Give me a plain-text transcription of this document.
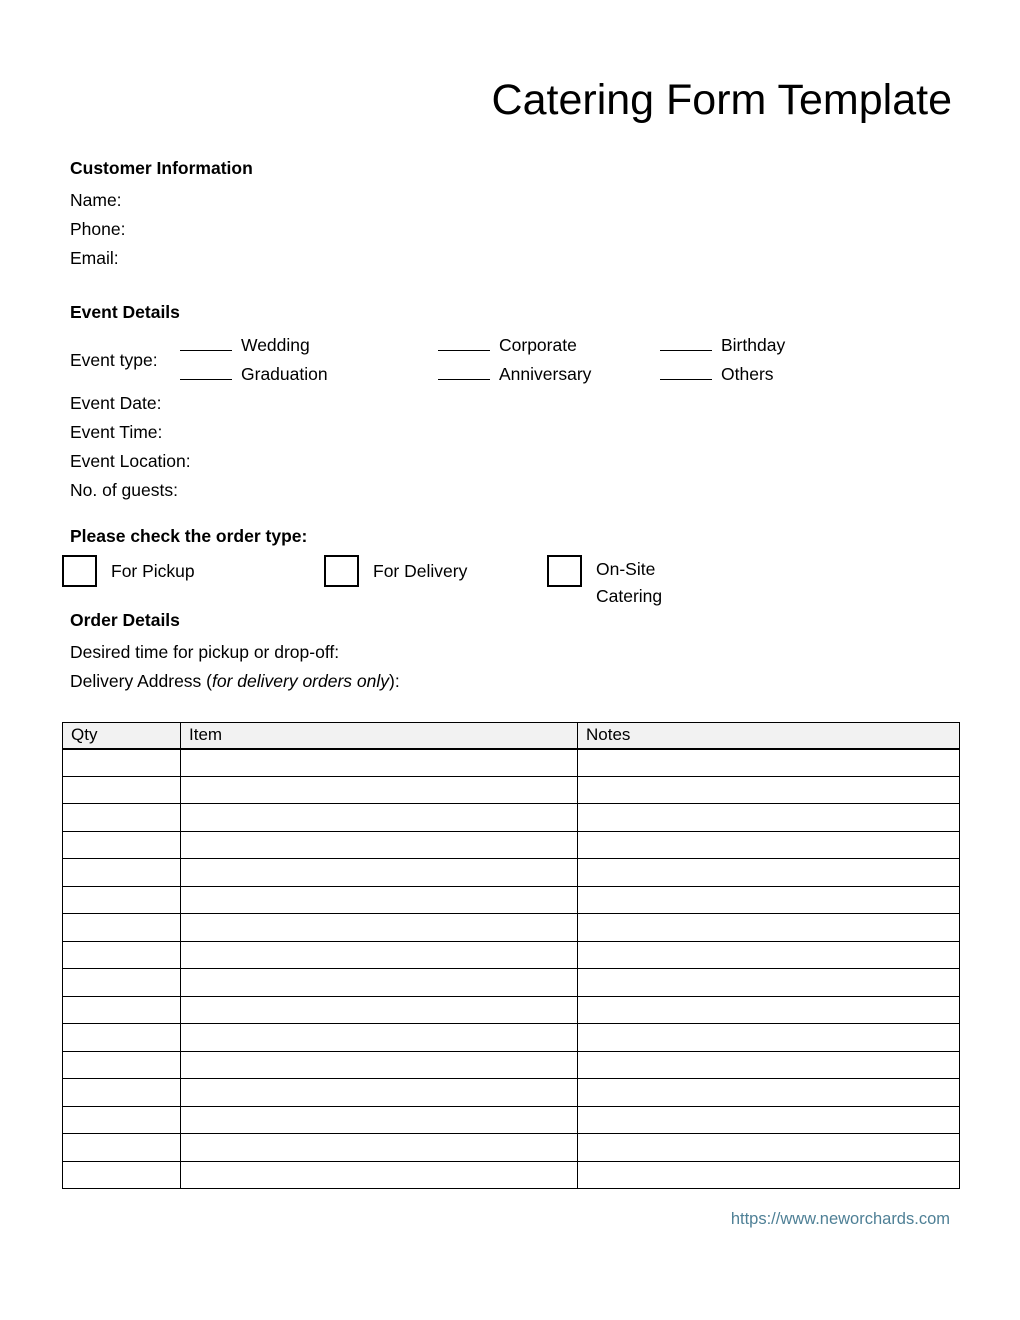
Catering Form Template
Customer Information
Name:
Phone:
Email:
Event Details
Event type:
Wedding	Corporate	Birthday
Graduation	Anniversary	Others
Event Date:
Event Time:
Event Location:
No. of guests:
Please check the order type:
For Pickup	For Delivery	On-Site
Catering
Order Details
Desired time for pickup or drop-off:
Delivery Address (for delivery orders only):
Qty	Item	Notes

https://www.neworchards.com
